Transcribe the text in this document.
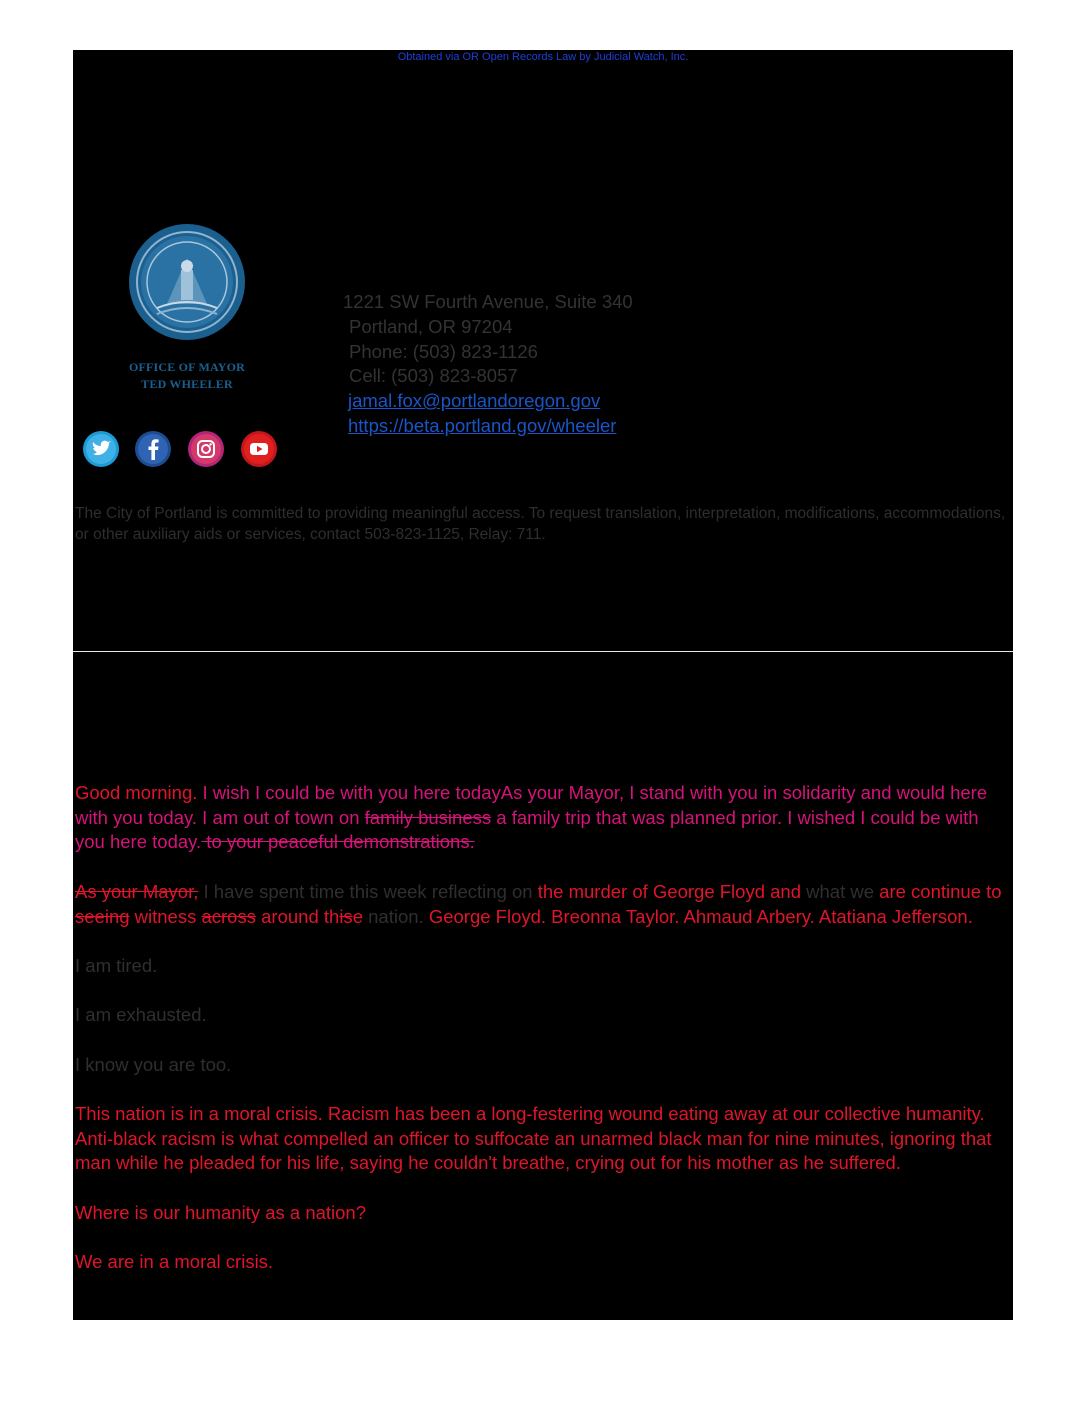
Obtained via OR Open Records Law by Judicial Watch, Inc.
OFFICE OF MAYOR
TED WHEELER
1221 SW Fourth Avenue, Suite 340
Portland, OR 97204
Phone: (503) 823-1126
Cell: (503) 823-8057
jamal.fox@portlandoregon.gov
https://beta.portland.gov/wheeler
The City of Portland is committed to providing meaningful access. To request translation, interpretation, modifications, accommodations, or other auxiliary aids or services, contact 503-823-1125, Relay: 711.

Good morning. I wish I could be with you here todayAs your Mayor, I stand with you in solidarity and would here with you today. I am out of town on family business a family trip that was planned prior. I wished I could be with you here today. to your peaceful demonstrations.

As your Mayor, I have spent time this week reflecting on the murder of George Floyd and what we are continue to seeing witness across around thise nation. George Floyd. Breonna Taylor. Ahmaud Arbery. Atatiana Jefferson.

I am tired.

I am exhausted.

I know you are too.

This nation is in a moral crisis. Racism has been a long-festering wound eating away at our collective humanity. Anti-black racism is what compelled an officer to suffocate an unarmed black man for nine minutes, ignoring that man while he pleaded for his life, saying he couldn't breathe, crying out for his mother as he suffered.

Where is our humanity as a nation?

We are in a moral crisis.
